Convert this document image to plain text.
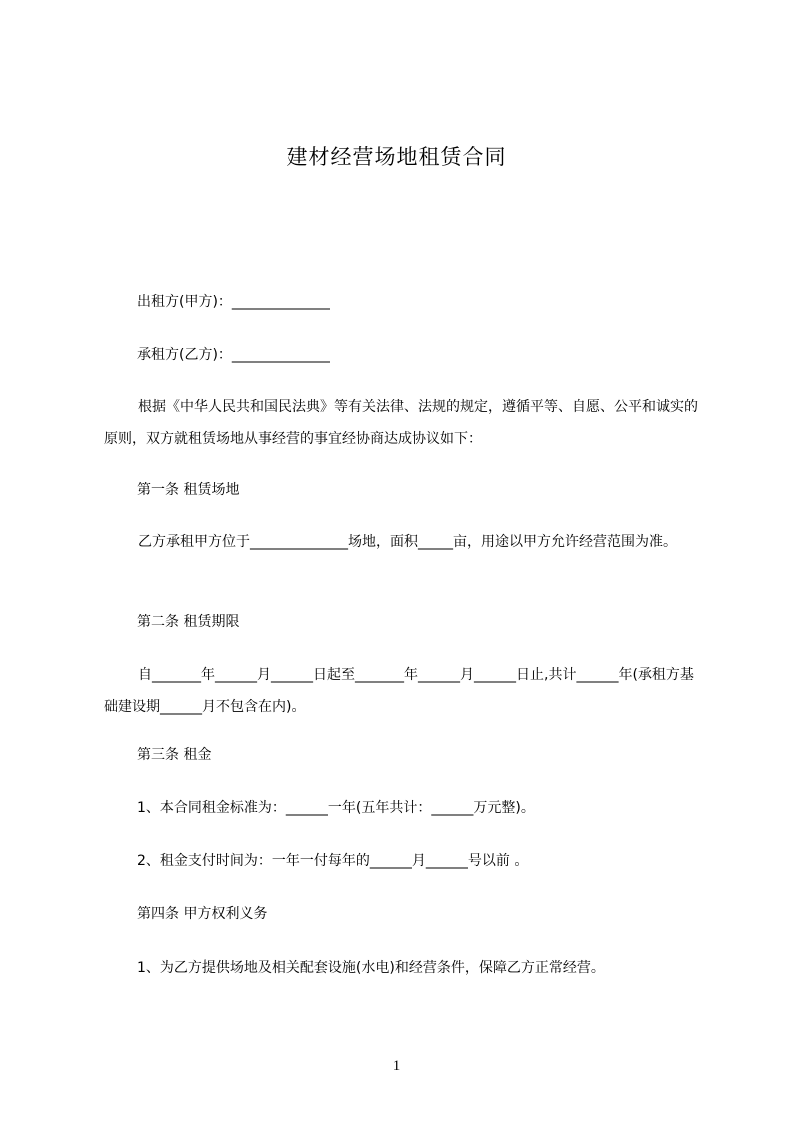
建材经营场地租赁合同
出租方(甲方)：______________
承租方(乙方)：______________
根据《中华人民共和国民法典》等有关法律、法规的规定，遵循平等、自愿、公平和诚实的原则，双方就租赁场地从事经营的事宜经协商达成协议如下：
第一条 租赁场地
乙方承租甲方位于______________场地，面积_____亩，用途以甲方允许经营范围为准。
第二条 租赁期限
自_______年______月______日起至_______年______月______日止,共计______年(承租方基础建设期______月不包含在内)。
第三条 租金
1、本合同租金标准为：______一年(五年共计：______万元整)。
2、租金支付时间为：一年一付每年的______月______号以前 。
第四条 甲方权利义务
1、为乙方提供场地及相关配套设施(水电)和经营条件，保障乙方正常经营。
1
